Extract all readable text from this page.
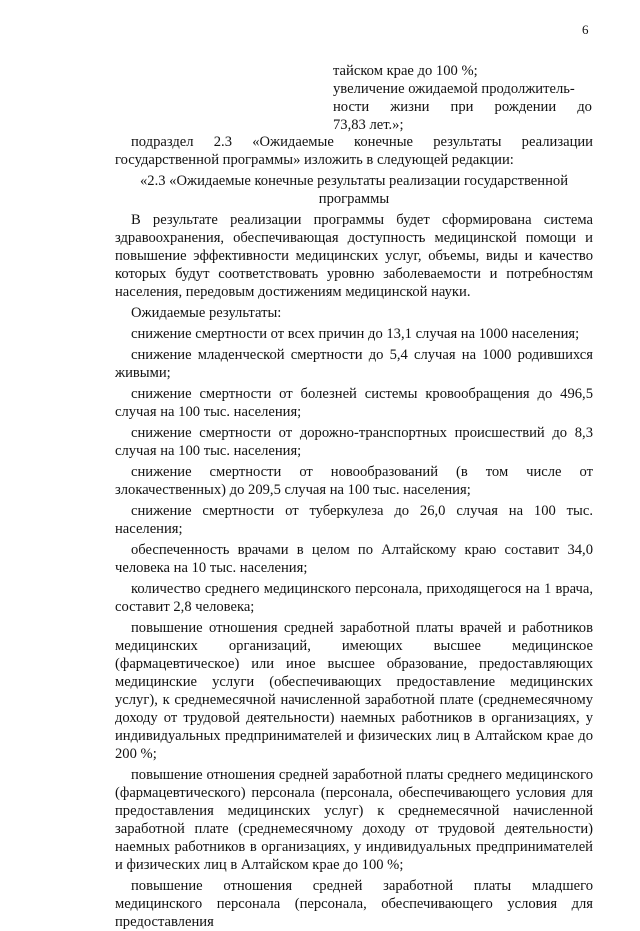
6
тайском крае до 100 %;
увеличение ожидаемой продолжитель-
ности жизни при рождении до
73,83 лет.»;

подраздел 2.3 «Ожидаемые конечные результаты реализации государственной программы» изложить в следующей редакции:

«2.3 «Ожидаемые конечные результаты реализации государственной программы

В результате реализации программы будет сформирована система здравоохранения, обеспечивающая доступность медицинской помощи и повышение эффективности медицинских услуг, объемы, виды и качество которых будут соответствовать уровню заболеваемости и потребностям населения, передовым достижениям медицинской науки.

Ожидаемые результаты:

снижение смертности от всех причин до 13,1 случая на 1000 населения;

снижение младенческой смертности до 5,4 случая на 1000 родившихся живыми;

снижение смертности от болезней системы кровообращения до 496,5 случая на 100 тыс. населения;

снижение смертности от дорожно-транспортных происшествий до 8,3 случая на 100 тыс. населения;

снижение смертности от новообразований (в том числе от злокачественных) до 209,5 случая на 100 тыс. населения;

снижение смертности от туберкулеза до 26,0 случая на 100 тыс. населения;

обеспеченность врачами в целом по Алтайскому краю составит 34,0 человека на 10 тыс. населения;

количество среднего медицинского персонала, приходящегося на 1 врача, составит 2,8 человека;

повышение отношения средней заработной платы врачей и работников медицинских организаций, имеющих высшее медицинское (фармацевтическое) или иное высшее образование, предоставляющих медицинские услуги (обеспечивающих предоставление медицинских услуг), к среднемесячной начисленной заработной плате (среднемесячному доходу от трудовой деятельности) наемных работников в организациях, у индивидуальных предпринимателей и физических лиц в Алтайском крае до 200 %;

повышение отношения средней заработной платы среднего медицинского (фармацевтического) персонала (персонала, обеспечивающего условия для предоставления медицинских услуг) к среднемесячной начисленной заработной плате (среднемесячному доходу от трудовой деятельности) наемных работников в организациях, у индивидуальных предпринимателей и физических лиц в Алтайском крае до 100 %;

повышение отношения средней заработной платы младшего медицинского персонала (персонала, обеспечивающего условия для предоставления
